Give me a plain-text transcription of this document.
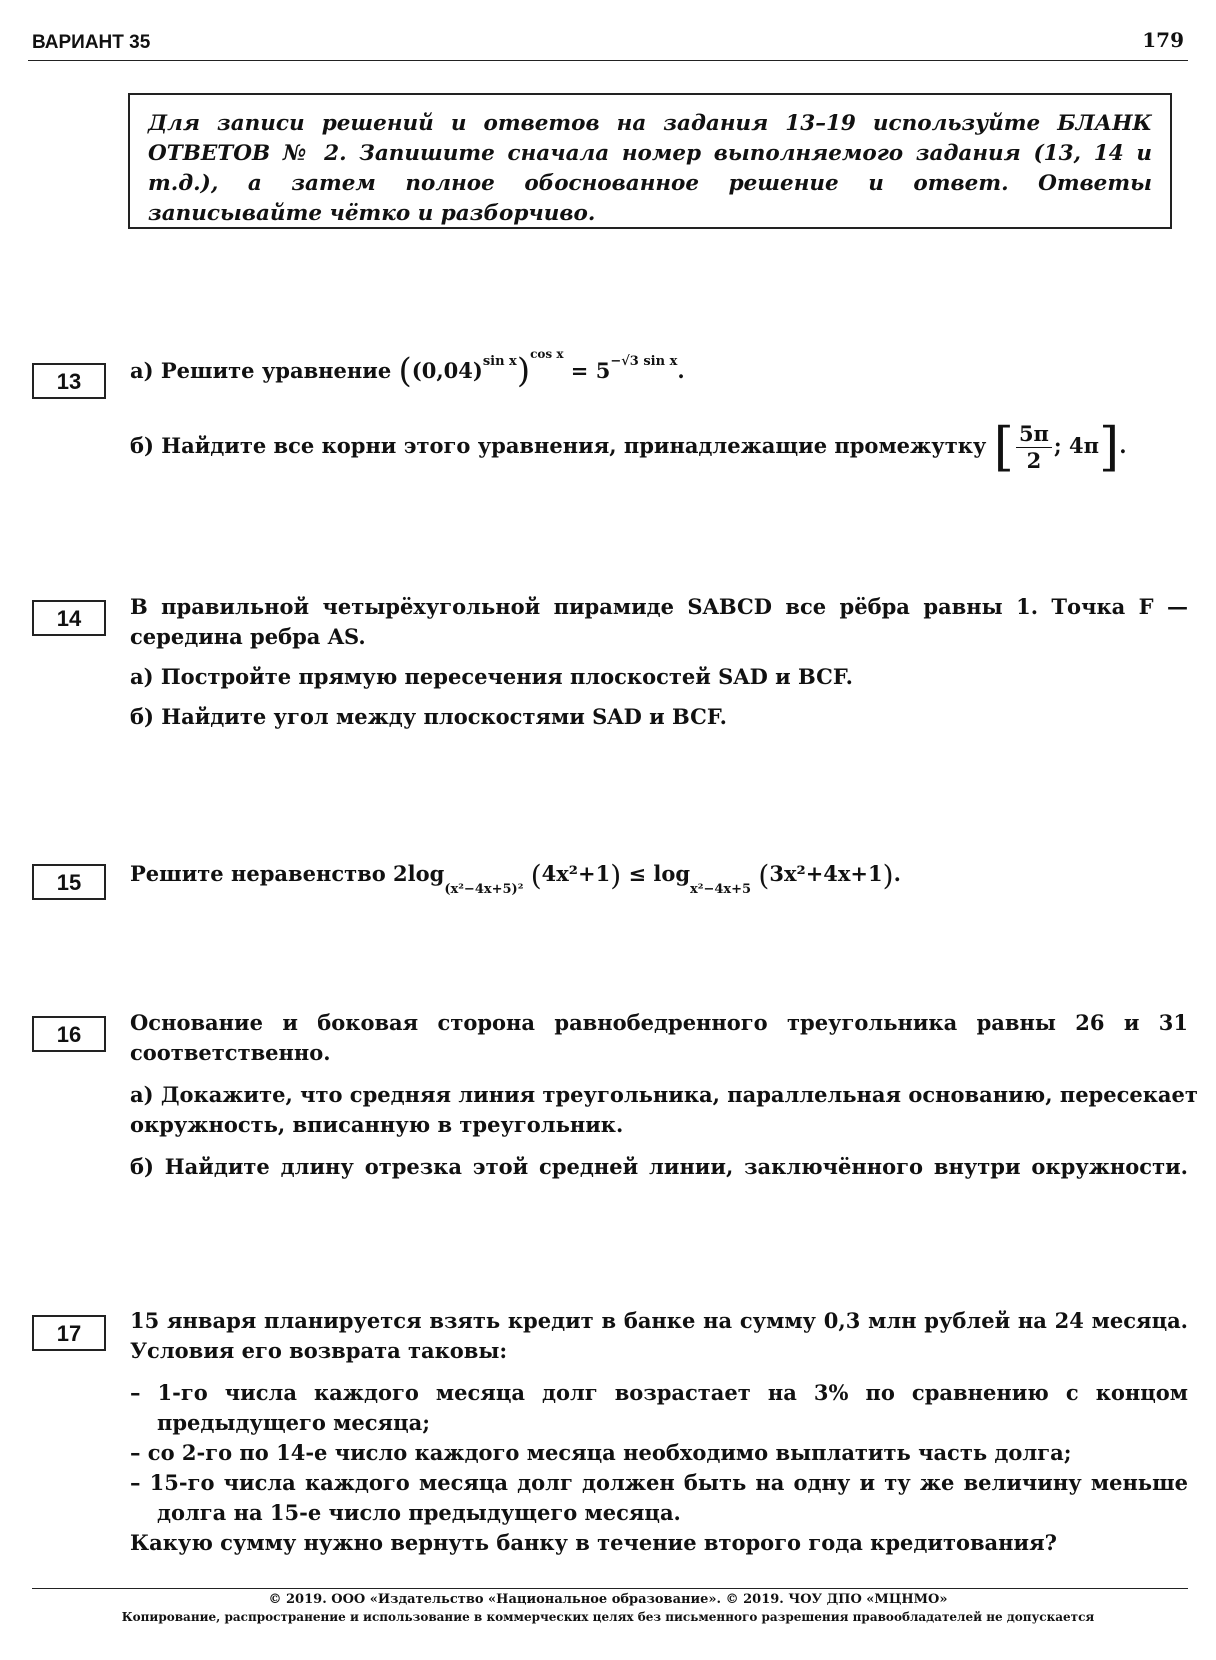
ВАРИАНТ 35	179
Для записи решений и ответов на задания 13–19 используйте БЛАНК ОТВЕТОВ № 2. Запишите сначала номер выполняемого задания (13, 14 и т.д.), а затем полное обоснованное решение и ответ. Ответы записывайте чётко и разборчиво.
13	а) Решите уравнение $((0,04)^{sin x})^{cos x} = 5^{-√3 sin x}$.
б) Найдите все корни этого уравнения, принадлежащие промежутку [ $\frac{5\pi}{2}$ ; 4π].
14	В правильной четырёхугольной пирамиде SABCD все рёбра равны 1. Точка F —
середина ребра AS.
а) Постройте прямую пересечения плоскостей SAD и BCF.
б) Найдите угол между плоскостями SAD и BCF.
15	Решите неравенство $2\log_{(x^2-4x+5)^2}$ $(4x^2+1) \le \log_{x^2-4x+5} (3x^2+4x+1)$.
16	Основание и боковая сторона равнобедренного треугольника равны 26 и 31
соответственно.
а) Докажите, что средняя линия треугольника, параллельная основанию, пересекает
окружность, вписанную в треугольник.
б) Найдите длину отрезка этой средней линии, заключённого внутри окружности.
17
15 января планируется взять кредит в банке на сумму 0,3 млн рублей на 24 месяца.
Условия его возврата таковы:
– 1-го числа каждого месяца долг возрастает на 3% по сравнению с концом
предыдущего месяца;
– со 2-го по 14-е число каждого месяца необходимо выплатить часть долга;
– 15-го числа каждого месяца долг должен быть на одну и ту же величину меньше
долга на 15-е число предыдущего месяца.
Какую сумму нужно вернуть банку в течение второго года кредитования?
© 2019. ООО «Издательство «Национальное образование». © 2019. ЧОУ ДПО «МЦНМО»
Копирование, распространение и использование в коммерческих целях без письменного разрешения правообладателей не допускается
